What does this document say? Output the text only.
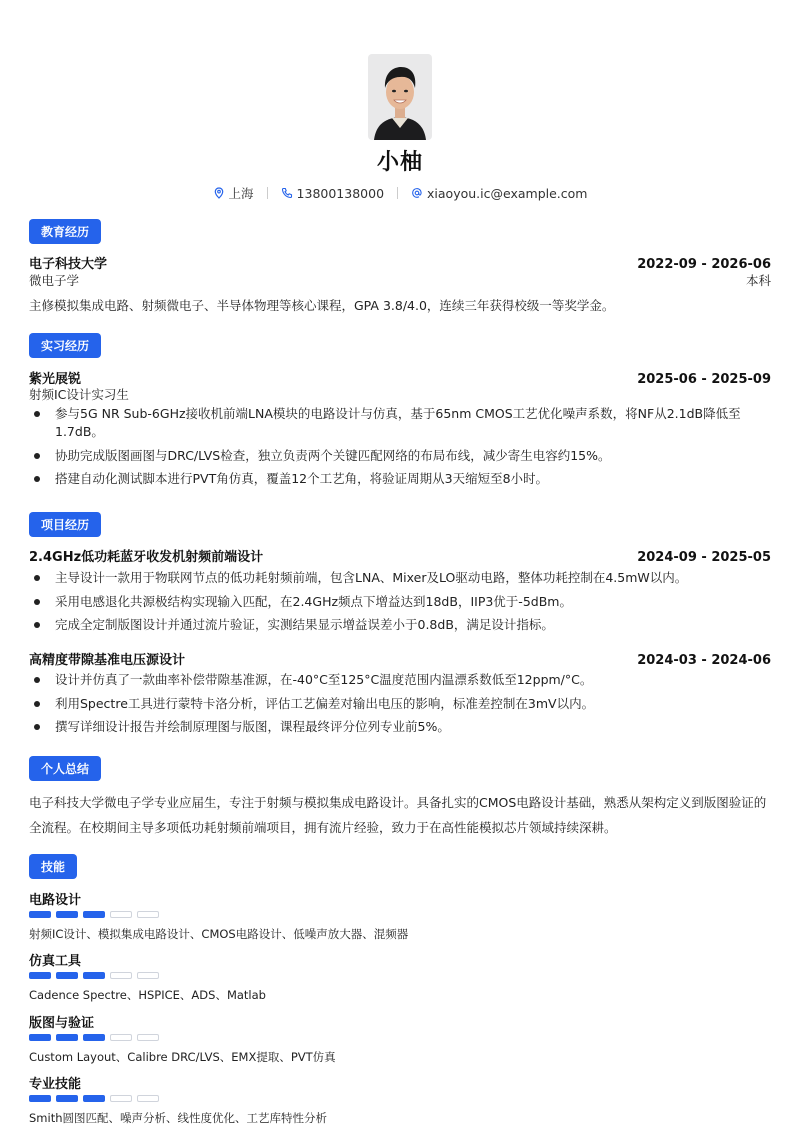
小柚
上海	13800138000	xiaoyou.ic@example.com
教育经历
电子科技大学	2022-09 - 2026-06
微电子学	本科
主修模拟集成电路、射频微电子、半导体物理等核心课程，GPA 3.8/4.0，连续三年获得校级一等奖学金。
实习经历
紫光展锐	2025-06 - 2025-09
射频IC设计实习生
参与5G NR Sub-6GHz接收机前端LNA模块的电路设计与仿真，基于65nm CMOS工艺优化噪声系数，将NF从2.1dB降低至1.7dB。
协助完成版图画图与DRC/LVS检查，独立负责两个关键匹配网络的布局布线，减少寄生电容约15%。
搭建自动化测试脚本进行PVT角仿真，覆盖12个工艺角，将验证周期从3天缩短至8小时。
项目经历
2.4GHz低功耗蓝牙收发机射频前端设计	2024-09 - 2025-05
主导设计一款用于物联网节点的低功耗射频前端，包含LNA、Mixer及LO驱动电路，整体功耗控制在4.5mW以内。
采用电感退化共源极结构实现输入匹配，在2.4GHz频点下增益达到18dB，IIP3优于-5dBm。
完成全定制版图设计并通过流片验证，实测结果显示增益误差小于0.8dB，满足设计指标。
高精度带隙基准电压源设计	2024-03 - 2024-06
设计并仿真了一款曲率补偿带隙基准源，在-40°C至125°C温度范围内温漂系数低至12ppm/°C。
利用Spectre工具进行蒙特卡洛分析，评估工艺偏差对输出电压的影响，标准差控制在3mV以内。
撰写详细设计报告并绘制原理图与版图，课程最终评分位列专业前5%。
个人总结
电子科技大学微电子学专业应届生，专注于射频与模拟集成电路设计。具备扎实的CMOS电路设计基础，熟悉从架构定义到版图验证的全流程。在校期间主导多项低功耗射频前端项目，拥有流片经验，致力于在高性能模拟芯片领域持续深耕。
技能
电路设计
射频IC设计、模拟集成电路设计、CMOS电路设计、低噪声放大器、混频器
仿真工具
Cadence Spectre、HSPICE、ADS、Matlab
版图与验证
Custom Layout、Calibre DRC/LVS、EMX提取、PVT仿真
专业技能
Smith圆图匹配、噪声分析、线性度优化、工艺库特性分析
